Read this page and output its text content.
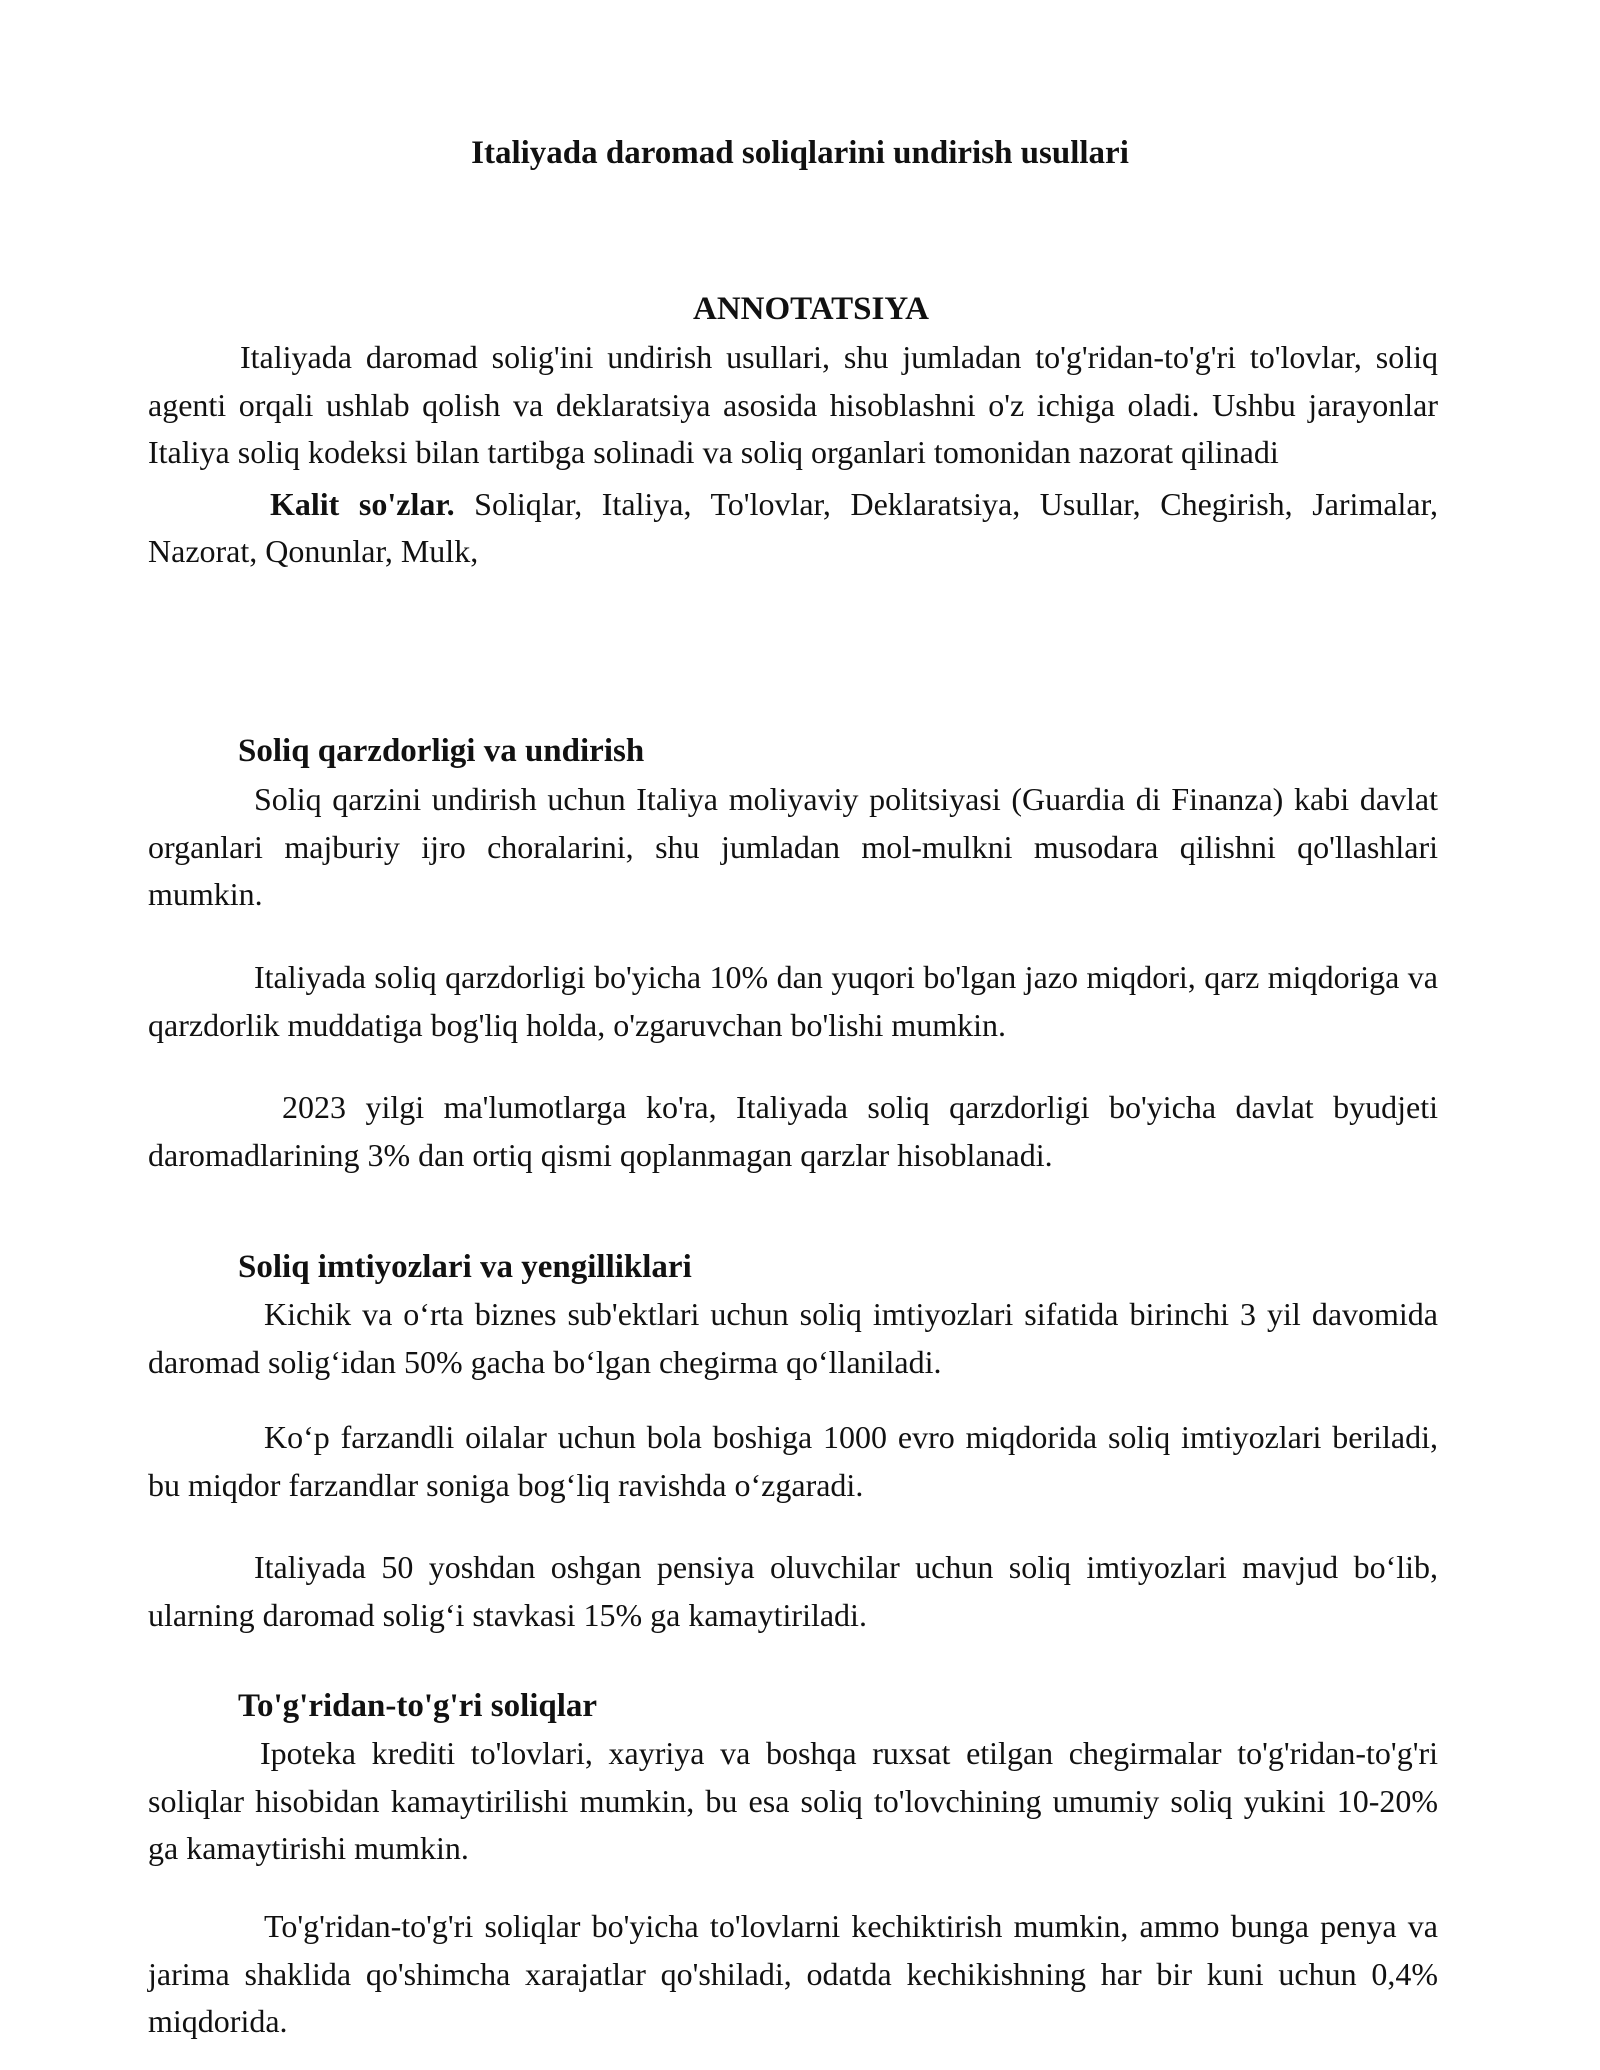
Italiyada daromad soliqlarini undirish usullari
ANNOTATSIYA

Italiyada daromad solig'ini undirish usullari, shu jumladan to'g'ridan-to'g'ri to'lovlar, soliq agenti orqali ushlab qolish va deklaratsiya asosida hisoblashni o'z ichiga oladi. Ushbu jarayonlar Italiya soliq kodeksi bilan tartibga solinadi va soliq organlari tomonidan nazorat qilinadi

Kalit so'zlar. Soliqlar, Italiya, To'lovlar, Deklaratsiya, Usullar, Chegirish, Jarimalar, Nazorat, Qonunlar, Mulk,

Soliq qarzdorligi va undirish

Soliq qarzini undirish uchun Italiya moliyaviy politsiyasi (Guardia di Finanza) kabi davlat organlari majburiy ijro choralarini, shu jumladan mol-mulkni musodara qilishni qo'llashlari mumkin.

Italiyada soliq qarzdorligi bo'yicha 10% dan yuqori bo'lgan jazo miqdori, qarz miqdoriga va qarzdorlik muddatiga bog'liq holda, o'zgaruvchan bo'lishi mumkin.

2023 yilgi ma'lumotlarga ko'ra, Italiyada soliq qarzdorligi bo'yicha davlat byudjeti daromadlarining 3% dan ortiq qismi qoplanmagan qarzlar hisoblanadi.

Soliq imtiyozlari va yengilliklari

Kichik va o‘rta biznes sub'ektlari uchun soliq imtiyozlari sifatida birinchi 3 yil davomida daromad solig‘idan 50% gacha bo‘lgan chegirma qo‘llaniladi.

Ko‘p farzandli oilalar uchun bola boshiga 1000 evro miqdorida soliq imtiyozlari beriladi, bu miqdor farzandlar soniga bog‘liq ravishda o‘zgaradi.

Italiyada 50 yoshdan oshgan pensiya oluvchilar uchun soliq imtiyozlari mavjud bo‘lib, ularning daromad solig‘i stavkasi 15% ga kamaytiriladi.

To'g'ridan-to'g'ri soliqlar

Ipoteka krediti to'lovlari, xayriya va boshqa ruxsat etilgan chegirmalar to'g'ridan-to'g'ri soliqlar hisobidan kamaytirilishi mumkin, bu esa soliq to'lovchining umumiy soliq yukini 10-20% ga kamaytirishi mumkin.

To'g'ridan-to'g'ri soliqlar bo'yicha to'lovlarni kechiktirish mumkin, ammo bunga penya va jarima shaklida qo'shimcha xarajatlar qo'shiladi, odatda kechikishning har bir kuni uchun 0,4% miqdorida.
